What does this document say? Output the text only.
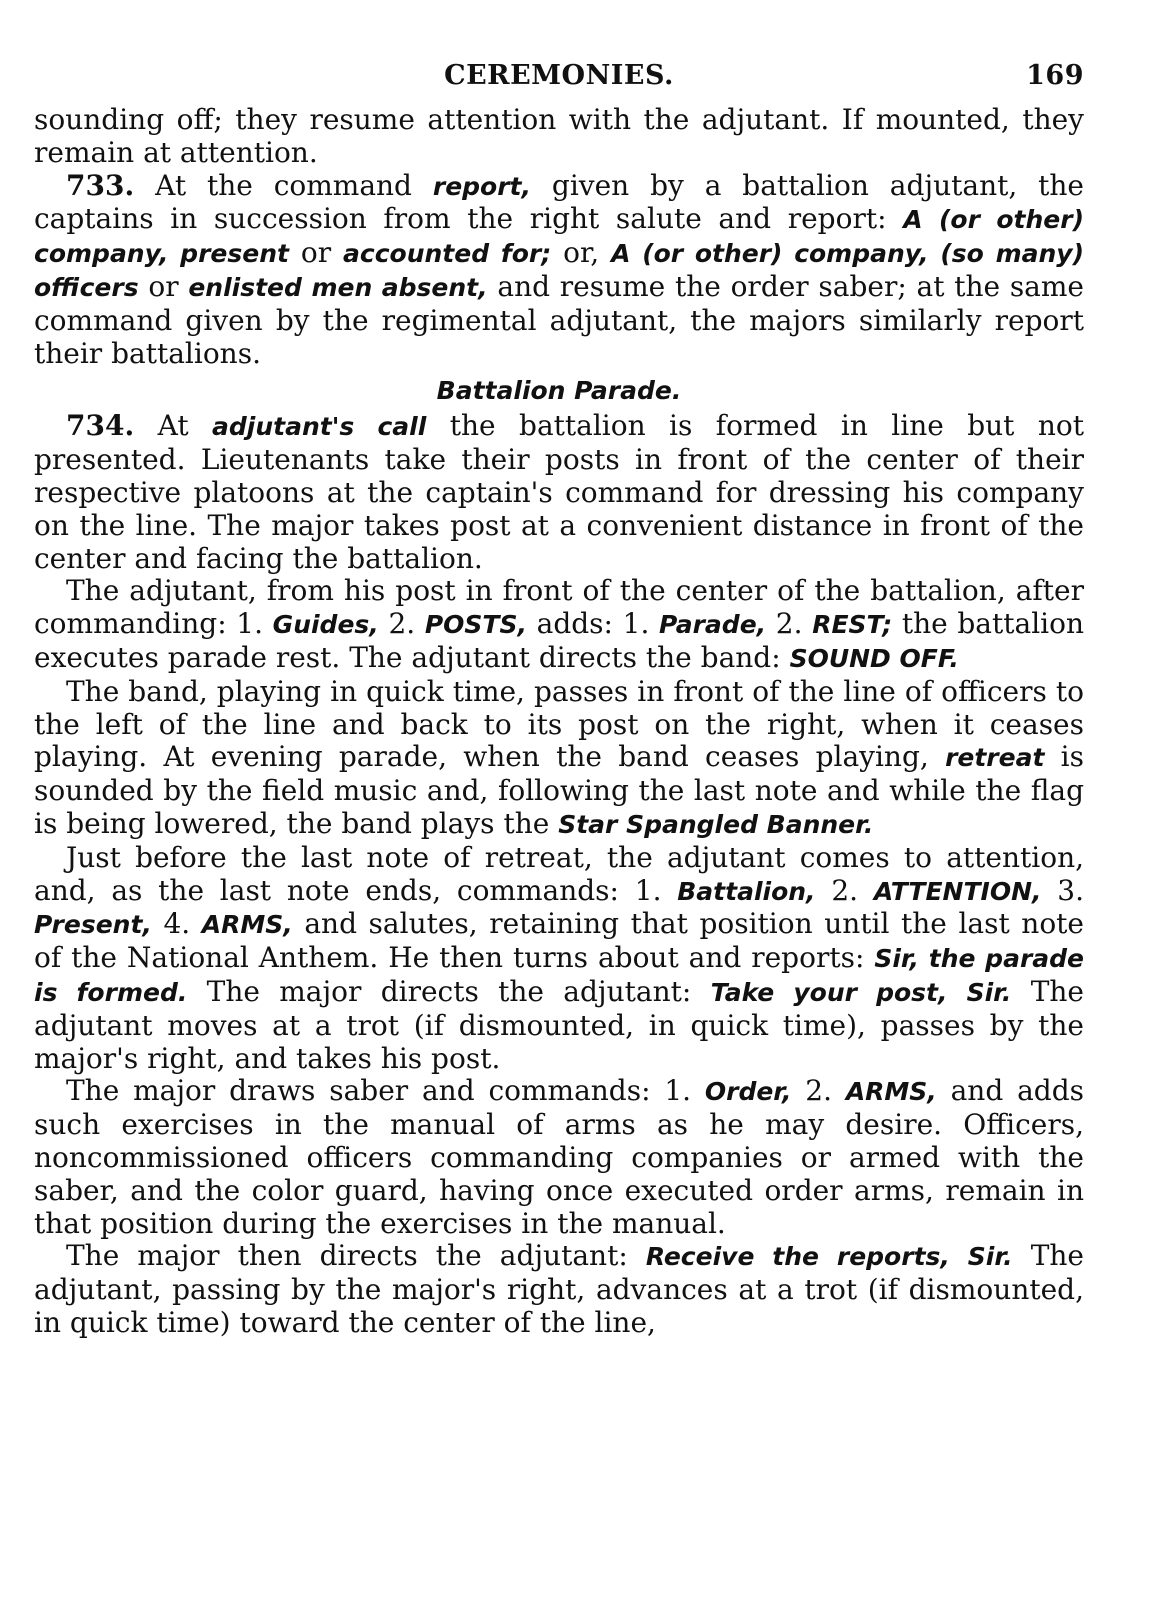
CEREMONIES.	169

sounding off; they resume attention with the adjutant. If mounted, they remain at attention.

733. At the command report, given by a battalion adjutant, the captains in succession from the right salute and report: A (or other) company, present or accounted for; or, A (or other) company, (so many) officers or enlisted men absent, and resume the order saber; at the same command given by the regimental adjutant, the majors similarly report their battalions.

Battalion Parade.

734. At adjutant's call the battalion is formed in line but not presented. Lieutenants take their posts in front of the center of their respective platoons at the captain's command for dressing his company on the line. The major takes post at a convenient distance in front of the center and facing the battalion.

The adjutant, from his post in front of the center of the battalion, after commanding: 1. Guides, 2. POSTS, adds: 1. Parade, 2. REST; the battalion executes parade rest. The adjutant directs the band: SOUND OFF.

The band, playing in quick time, passes in front of the line of officers to the left of the line and back to its post on the right, when it ceases playing. At evening parade, when the band ceases playing, retreat is sounded by the field music and, following the last note and while the flag is being lowered, the band plays the Star Spangled Banner.

Just before the last note of retreat, the adjutant comes to attention, and, as the last note ends, commands: 1. Battalion, 2. ATTENTION, 3. Present, 4. ARMS, and salutes, retaining that position until the last note of the National Anthem. He then turns about and reports: Sir, the parade is formed. The major directs the adjutant: Take your post, Sir. The adjutant moves at a trot (if dismounted, in quick time), passes by the major's right, and takes his post.

The major draws saber and commands: 1. Order, 2. ARMS, and adds such exercises in the manual of arms as he may desire. Officers, noncommissioned officers commanding companies or armed with the saber, and the color guard, having once executed order arms, remain in that position during the exercises in the manual.

The major then directs the adjutant: Receive the reports, Sir. The adjutant, passing by the major's right, advances at a trot (if dismounted, in quick time) toward the center of the line,
